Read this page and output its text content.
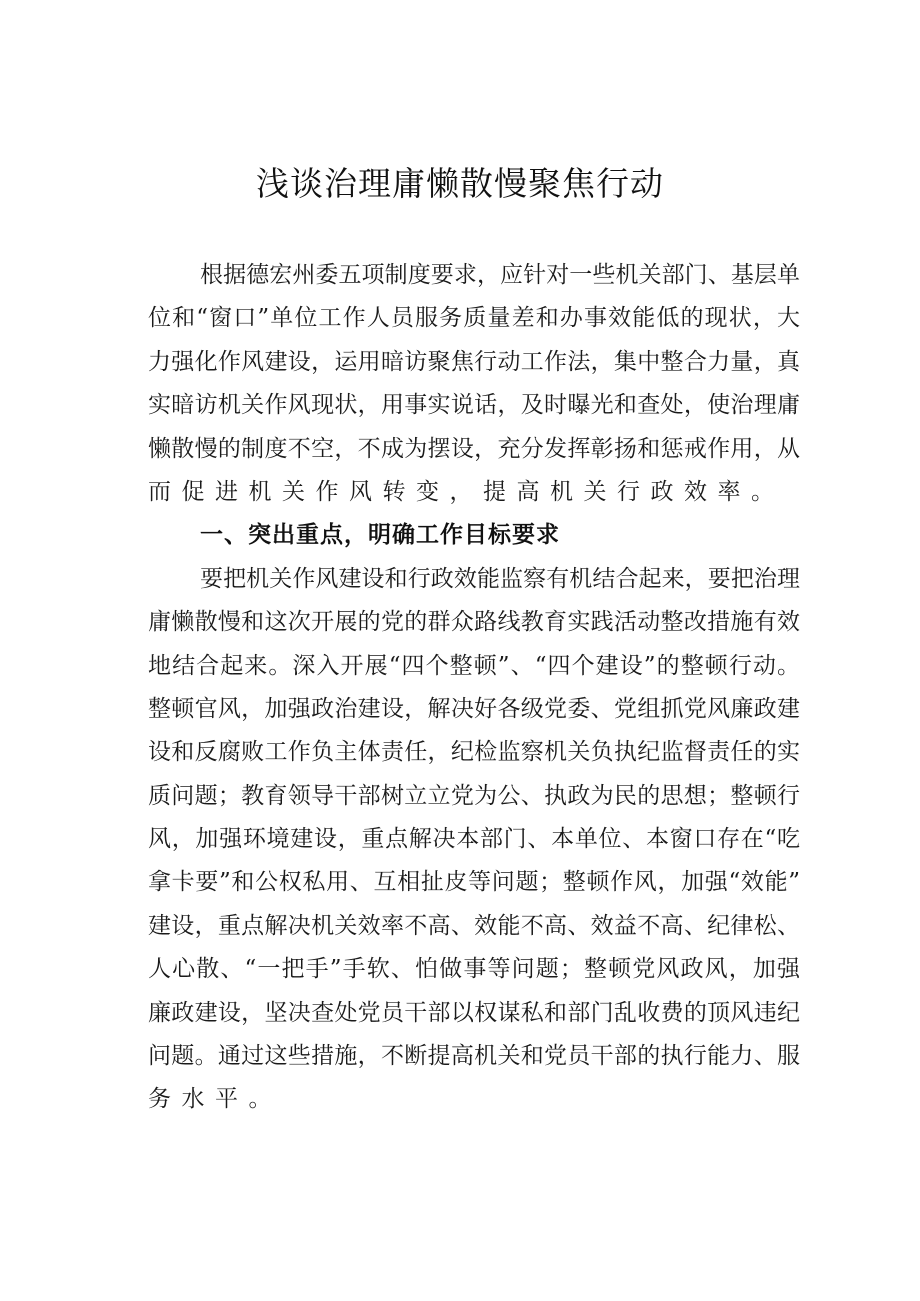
浅谈治理庸懒散慢聚焦行动
根据德宏州委五项制度要求，应针对一些机关部门、基层单
位和“窗口”单位工作人员服务质量差和办事效能低的现状，大
力强化作风建设，运用暗访聚焦行动工作法，集中整合力量，真
实暗访机关作风现状，用事实说话，及时曝光和查处，使治理庸
懒散慢的制度不空，不成为摆设，充分发挥彰扬和惩戒作用，从
而促进机关作风转变，提高机关行政效率。
一、突出重点，明确工作目标要求
要把机关作风建设和行政效能监察有机结合起来，要把治理
庸懒散慢和这次开展的党的群众路线教育实践活动整改措施有效
地结合起来。深入开展“四个整顿”、“四个建设”的整顿行动。
整顿官风，加强政治建设，解决好各级党委、党组抓党风廉政建
设和反腐败工作负主体责任，纪检监察机关负执纪监督责任的实
质问题；教育领导干部树立立党为公、执政为民的思想；整顿行
风，加强环境建设，重点解决本部门、本单位、本窗口存在“吃
拿卡要”和公权私用、互相扯皮等问题；整顿作风，加强“效能”
建设，重点解决机关效率不高、效能不高、效益不高、纪律松、
人心散、“一把手”手软、怕做事等问题；整顿党风政风，加强
廉政建设，坚决查处党员干部以权谋私和部门乱收费的顶风违纪
问题。通过这些措施，不断提高机关和党员干部的执行能力、服
务水平。
